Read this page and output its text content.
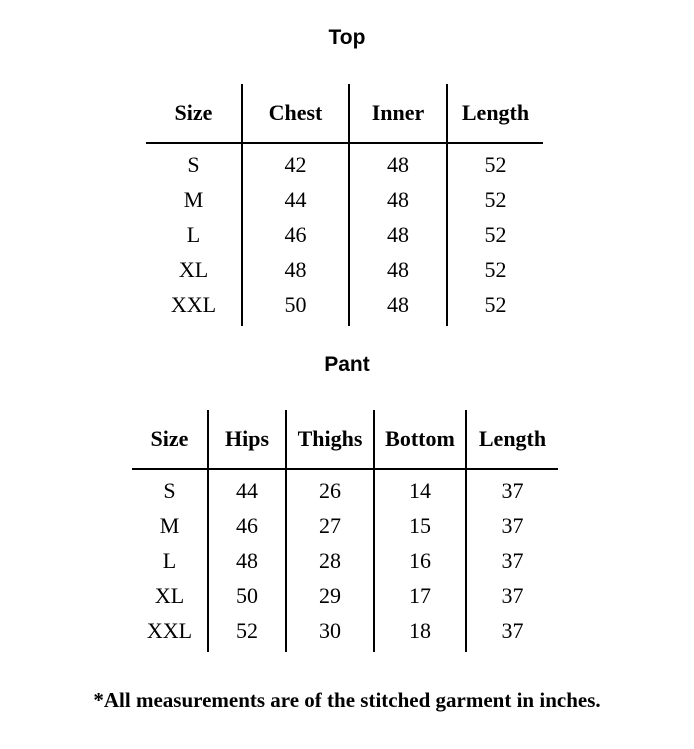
Top
Size	Chest	Inner	Length
S	42	48	52
M	44	48	52
L	46	48	52
XL	48	48	52
XXL	50	48	52
Pant
Size	Hips	Thighs	Bottom	Length
S	44	26	14	37
M	46	27	15	37
L	48	28	16	37
XL	50	29	17	37
XXL	52	30	18	37
*All measurements are of the stitched garment in inches.
